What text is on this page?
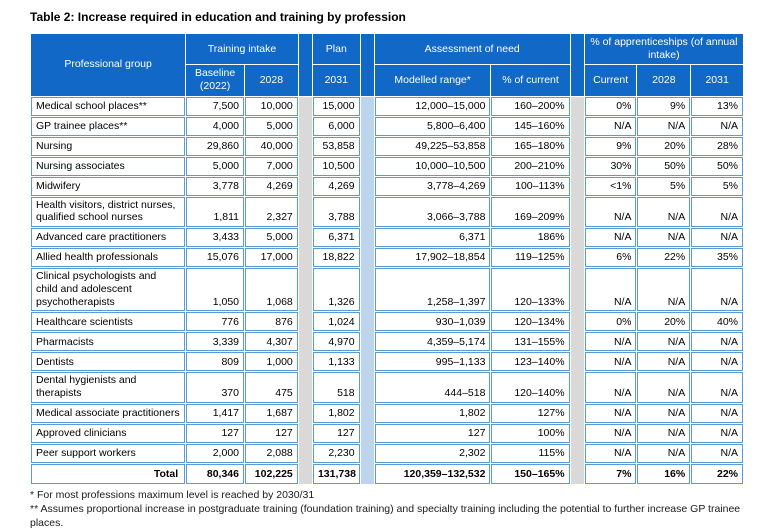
Table 2: Increase required in education and training by profession
Professional group	Training intake			Plan		Assessment of need			% of apprenticeships (of annual intake)		
	Baseline (2022)	2028		2031		Modelled range*	% of current		Current	2028	2031
Medical school places**	7,500	10,000		15,000		12,000–15,000	160–200%		0%	9%	13%
GP trainee places**	4,000	5,000		6,000		5,800–6,400	145–160%		N/A	N/A	N/A
Nursing	29,860	40,000		53,858		49,225–53,858	165–180%		9%	20%	28%
Nursing associates	5,000	7,000		10,500		10,000–10,500	200–210%		30%	50%	50%
Midwifery	3,778	4,269		4,269		3,778–4,269	100–113%		<1%	5%	5%
Health visitors, district nurses, qualified school nurses	1,811	2,327		3,788		3,066–3,788	169–209%		N/A	N/A	N/A
Advanced care practitioners	3,433	5,000		6,371		6,371	186%		N/A	N/A	N/A
Allied health professionals	15,076	17,000		18,822		17,902–18,854	119–125%		6%	22%	35%
Clinical psychologists and child and adolescent psychotherapists	1,050	1,068		1,326		1,258–1,397	120–133%		N/A	N/A	N/A
Healthcare scientists	776	876		1,024		930–1,039	120–134%		0%	20%	40%
Pharmacists	3,339	4,307		4,970		4,359–5,174	131–155%		N/A	N/A	N/A
Dentists	809	1,000		1,133		995–1,133	123–140%		N/A	N/A	N/A
Dental hygienists and therapists	370	475		518		444–518	120–140%		N/A	N/A	N/A
Medical associate practitioners	1,417	1,687		1,802		1,802	127%		N/A	N/A	N/A
Approved clinicians	127	127		127		127	100%		N/A	N/A	N/A
Peer support workers	2,000	2,088		2,230		2,302	115%		N/A	N/A	N/A
Total	80,346	102,225		131,738		120,359–132,532	150–165%		7%	16%	22%
* For most professions maximum level is reached by 2030/31
** Assumes proportional increase in postgraduate training (foundation training) and specialty training including the potential to further increase GP trainee places.
